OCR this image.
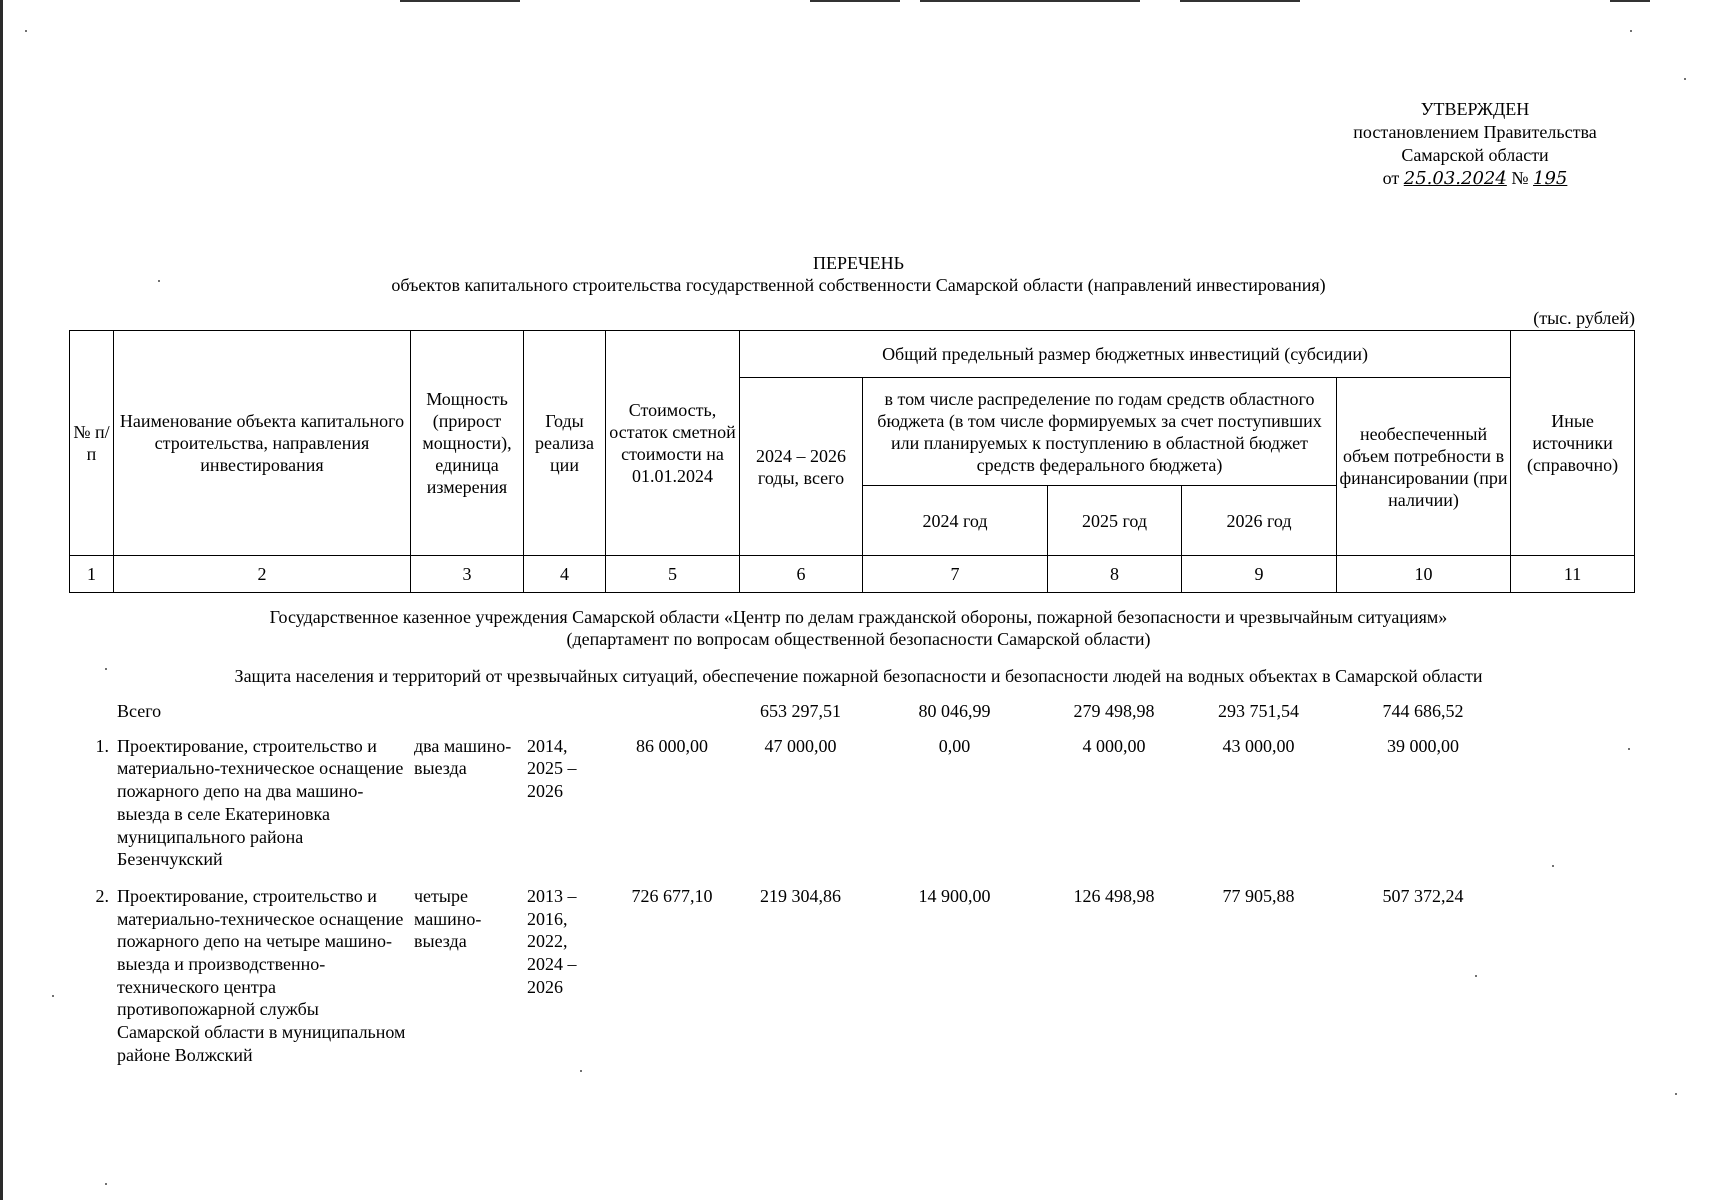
УТВЕРЖДЕН
постановлением Правительства
Самарской области
от 25.03.2024 № 195
ПЕРЕЧЕНЬ
объектов капитального строительства государственной собственности Самарской области (направлений инвестирования)
(тыс. рублей)
№ п/п	Наименование объекта капитального строительства, направления инвестирования	Мощность (прирост мощности), единица измерения	Годы реализа ции	Стоимость, остаток сметной стоимости на 01.01.2024	Общий предельный размер бюджетных инвестиций (субсидии)					Иные источники (справочно)
					2024 – 2026 годы, всего	в том числе распределение по годам средств областного бюджета (в том числе формируемых за счет поступивших или планируемых к поступлению в областной бюджет средств федерального бюджета)			необеспеченный объем потребности в финансировании (при наличии)	
						2024 год	2025 год	2026 год		
1	2	3	4	5	6	7	8	9	10	11
Государственное казенное учреждения Самарской области «Центр по делам гражданской обороны, пожарной безопасности и чрезвычайным ситуациям»
(департамент по вопросам общественной безопасности Самарской области)
Защита населения и территорий от чрезвычайных ситуаций, обеспечение пожарной безопасности и безопасности людей на водных объектах в Самарской области
	Всего				653 297,51	80 046,99	279 498,98	293 751,54	744 686,52	
1.	Проектирование, строительство и материально-техническое оснащение пожарного депо на два машино-выезда в селе Екатериновка муниципального района Безенчукский	два машино-выезда	2014, 2025 – 2026	86 000,00	47 000,00	0,00	4 000,00	43 000,00	39 000,00	
2.	Проектирование, строительство и материально-техническое оснащение пожарного депо на четыре машино-выезда и производственно-технического центра противопожарной службы Самарской области в муниципальном районе Волжский	четыре машино-выезда	2013 – 2016, 2022, 2024 – 2026	726 677,10	219 304,86	14 900,00	126 498,98	77 905,88	507 372,24	
